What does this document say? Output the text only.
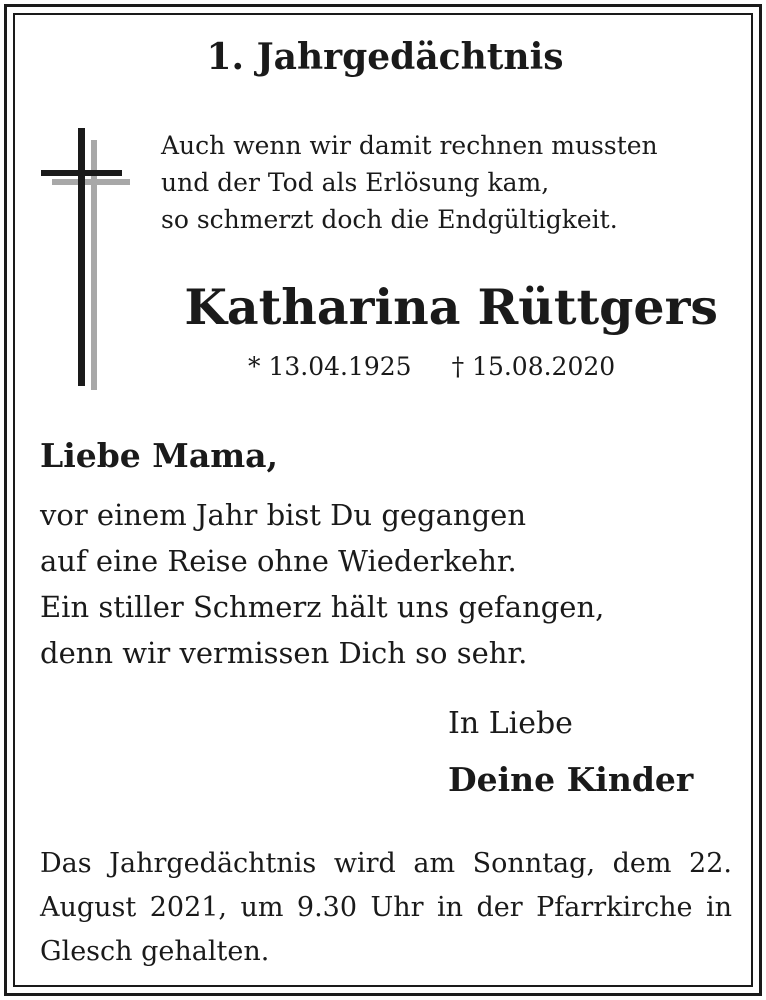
1. Jahrgedächtnis
Auch wenn wir damit rechnen mussten
und der Tod als Erlösung kam,
so schmerzt doch die Endgültigkeit.
Katharina Rüttgers
* 13.04.1925 † 15.08.2020
Liebe Mama,
vor einem Jahr bist Du gegangen
auf eine Reise ohne Wiederkehr.
Ein stiller Schmerz hält uns gefangen,
denn wir vermissen Dich so sehr.
In Liebe
Deine Kinder
Das Jahrgedächtnis wird am Sonntag, dem 22. August 2021, um 9.30 Uhr in der Pfarrkirche in Glesch gehalten.
